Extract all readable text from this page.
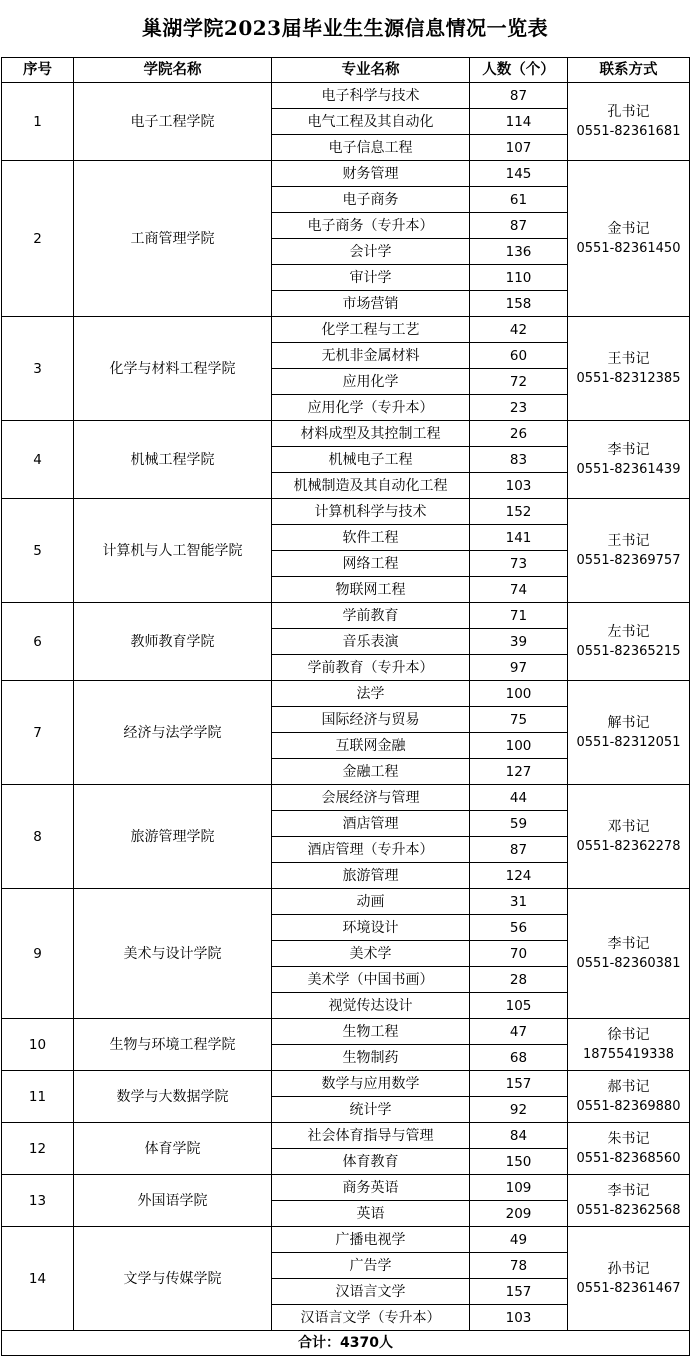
巢湖学院2023届毕业生生源信息情况一览表
序号	学院名称	专业名称	人数（个）	联系方式
1	电子工程学院	电子科学与技术	87	孔书记
0551-82361681

		电气工程及其自动化	114	
		电子信息工程	107	
2	工商管理学院	财务管理	145	金书记
0551-82361450

		电子商务	61	
		电子商务（专升本）	87	
		会计学	136	
		审计学	110	
		市场营销	158	
3	化学与材料工程学院	化学工程与工艺	42	王书记
0551-82312385

		无机非金属材料	60	
		应用化学	72	
		应用化学（专升本）	23	
4	机械工程学院	材料成型及其控制工程	26	李书记
0551-82361439

		机械电子工程	83	
		机械制造及其自动化工程	103	
5	计算机与人工智能学院	计算机科学与技术	152	王书记
0551-82369757

		软件工程	141	
		网络工程	73	
		物联网工程	74	
6	教师教育学院	学前教育	71	左书记
0551-82365215

		音乐表演	39	
		学前教育（专升本）	97	
7	经济与法学学院	法学	100	解书记
0551-82312051

		国际经济与贸易	75	
		互联网金融	100	
		金融工程	127	
8	旅游管理学院	会展经济与管理	44	邓书记
0551-82362278

		酒店管理	59	
		酒店管理（专升本）	87	
		旅游管理	124	
9	美术与设计学院	动画	31	李书记
0551-82360381

		环境设计	56	
		美术学	70	
		美术学（中国书画）	28	
		视觉传达设计	105	
10	生物与环境工程学院	生物工程	47	徐书记
18755419338

		生物制药	68	
11	数学与大数据学院	数学与应用数学	157	郝书记
0551-82369880

		统计学	92	
12	体育学院	社会体育指导与管理	84	朱书记
0551-82368560

		体育教育	150	
13	外国语学院	商务英语	109	李书记
0551-82362568

		英语	209	
14	文学与传媒学院	广播电视学	49	孙书记
0551-82361467

		广告学	78	
		汉语言文学	157	
		汉语言文学（专升本）	103	
合计：4370人				
